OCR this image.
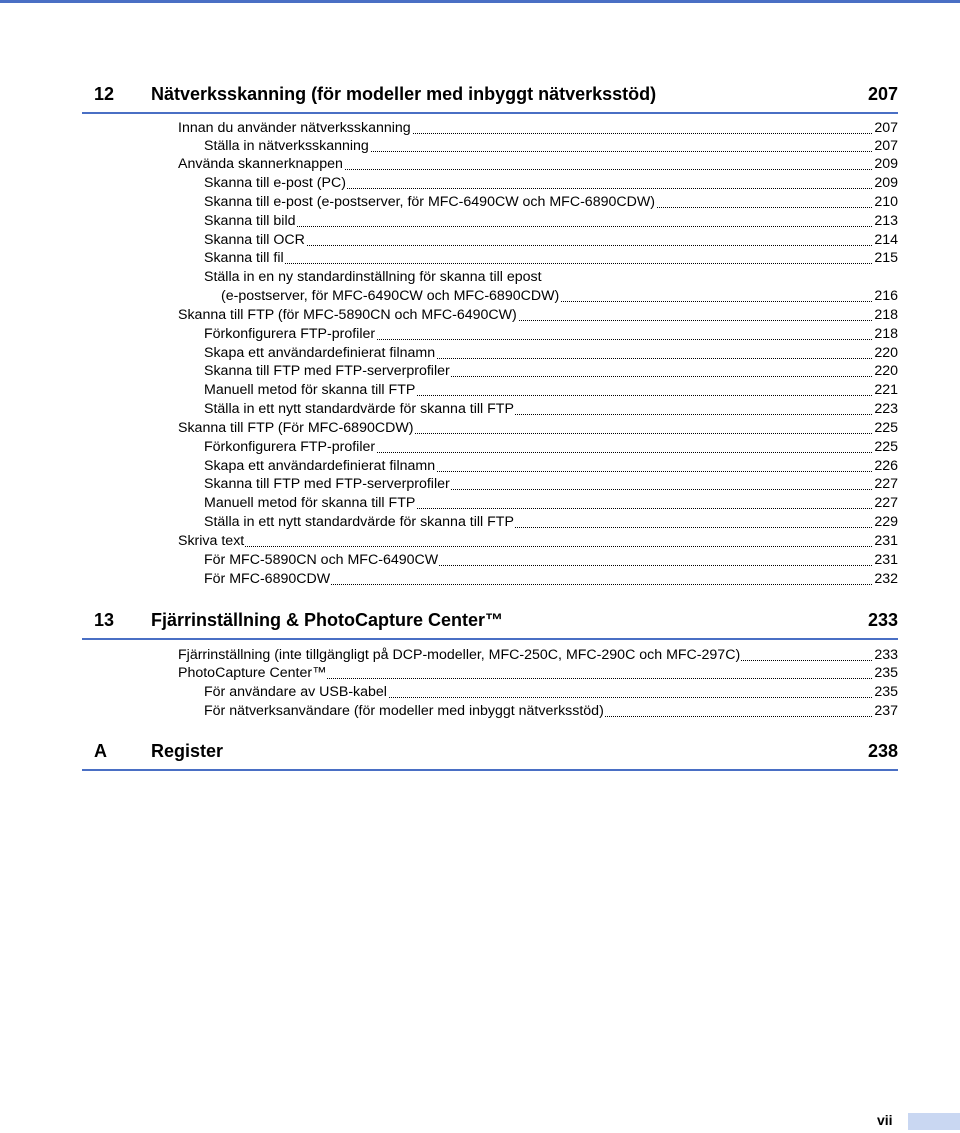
12 Nätverksskanning (för modeller med inbyggt nätverksstöd)	207
Innan du använder nätverksskanning	207
Ställa in nätverksskanning	207
Använda skannerknappen	209
Skanna till e-post (PC)	209
Skanna till e-post (e-postserver, för MFC-6490CW och MFC-6890CDW)	210
Skanna till bild	213
Skanna till OCR	214
Skanna till fil	215
Ställa in en ny standardinställning för skanna till epost
(e-postserver, för MFC-6490CW och MFC-6890CDW)	216
Skanna till FTP (för MFC-5890CN och MFC-6490CW)	218
Förkonfigurera FTP-profiler	218
Skapa ett användardefinierat filnamn	220
Skanna till FTP med FTP-serverprofiler	220
Manuell metod för skanna till FTP	221
Ställa in ett nytt standardvärde för skanna till FTP	223
Skanna till FTP (För MFC-6890CDW)	225
Förkonfigurera FTP-profiler	225
Skapa ett användardefinierat filnamn	226
Skanna till FTP med FTP-serverprofiler	227
Manuell metod för skanna till FTP	227
Ställa in ett nytt standardvärde för skanna till FTP	229
Skriva text	231
För MFC-5890CN och MFC-6490CW	231
För MFC-6890CDW	232
13 Fjärrinställning & PhotoCapture Center™	233
Fjärrinställning (inte tillgängligt på DCP-modeller, MFC-250C, MFC-290C och MFC-297C)	233
PhotoCapture Center™	235
För användare av USB-kabel	235
För nätverksanvändare (för modeller med inbyggt nätverksstöd)	237
A Register	238
vii
